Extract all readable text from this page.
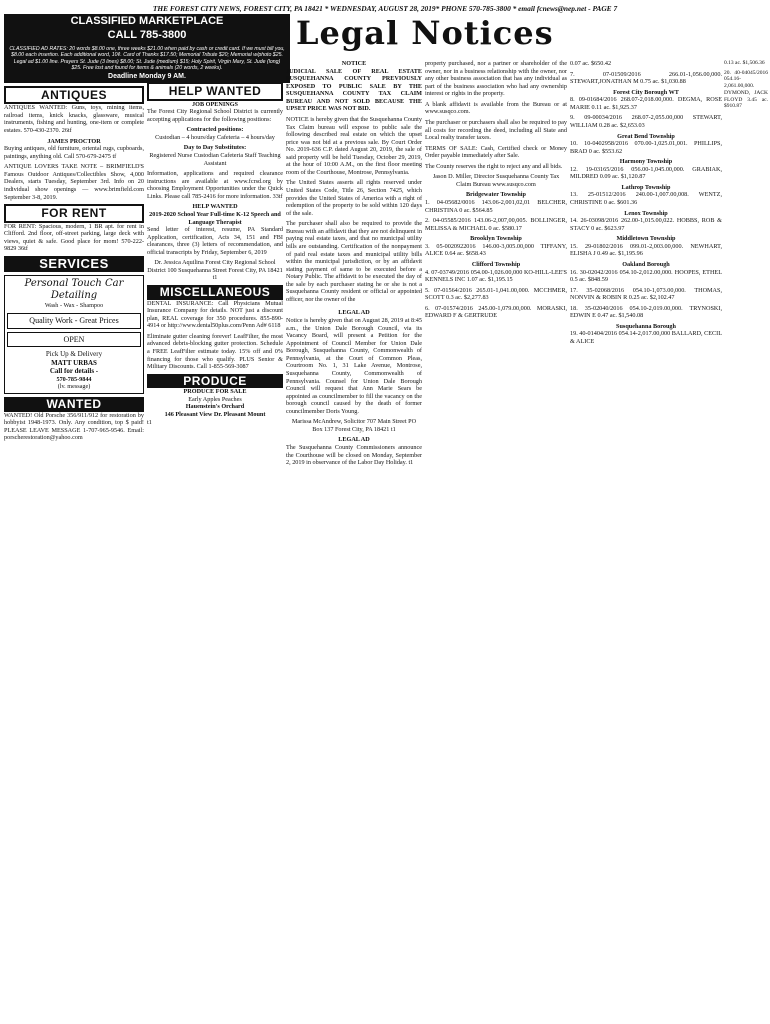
THE FOREST CITY NEWS, FOREST CITY, PA 18421 * WEDNESDAY, AUGUST 28, 2019* PHONE 570-785-3800 * email fcnews@nep.net - PAGE 7
CLASSIFIED MARKETPLACE
CALL 785-3800
CLASSIFIED AD RATES: 20 words $8.00 one, three weeks $21.00 when paid by cash or credit card. If we must bill you, $8.00 each insertion. Each additional word, 10¢. Card of Thanks $17.50; Memorial Tribute $20; Memorial w/photo $25. Legal ad $1.00 line. Prayers St. Jude (3 lines) $8.00; St. Jude (medium) $15; Holy Spirit, Virgin Mary, St. Jude (long) $25. Free lost and found for items & animals (20 words, 2 weeks).
Deadline Monday 9 AM.
ANTIQUES
ANTIQUES WANTED: Guns, toys, mining items, railroad items, knick knacks, glassware, musical instruments, fishing and hunting, one-item or complete estates. 570-430-2370. 26tf
JAMES PROCTOR
Buying antiques, old furniture, oriental rugs, cupboards, paintings, anything old. Call 570-679-2475 tf
ANTIQUE LOVERS TAKE NOTE – BRIMFIELD'S Famous Outdoor Antiques/Collectibles Show, 4,000 Dealers, starts Tuesday, September 3rd. Info on 20 individual show openings — www.brimfield.com September 3-8, 2019.
FOR RENT
FOR RENT: Spacious, modern, 1 BR apt. for rent in Clifford. 2nd floor, off-street parking, large deck with views, quiet & safe. Good place for mom! 570-222-9829 36tf
SERVICES
Personal Touch Car Detailing
Wash - Wax - Shampoo
Quality Work - Great Prices
OPEN
Pick Up & Delivery
MATT URBAS
Call for details -
570-785-9844
(lv. message)
WANTED
WANTED! Old Porsche 356/911/912 for restoration by hobbyist 1948-1973. Only. Any condition, top $ paid! PLEASE LEAVE MESSAGE 1-707-965-9546. Email: porscherestoration@yahoo.com
HELP WANTED
JOB OPENINGS
The Forest City Regional School District is currently accepting applications for the following positions:
Contracted positions:
Custodian – 4 hours/day Cafeteria – 4 hours/day
Day to Day Substitutes:
Registered Nurse Custodian Cafeteria Staff Teaching Assistant
Information, applications and required clearance instructions are available at www.fcrsd.org by choosing Employment Opportunities under the Quick Links. Please call 785-2416 for more information. 33tf
HELP WANTED
2019-2020 School Year Full-time K-12 Speech and Language Therapist
Send letter of interest, resume, PA Standard Application, certification, Acts 34, 151 and FBI clearances, three (3) letters of recommendation, and official transcripts by Friday, September 6, 2019
Dr. Jessica Aquilina Forest City Regional School District 100 Susquehanna Street Forest City, PA 18421 t1
MISCELLANEOUS
DENTAL INSURANCE: Call Physicians Mutual Insurance Company for details. NOT just a discount plan, REAL coverage for 350 procedures. 855-890-4914 or http://www.dental50plus.com/Penn Ad# 6118
Eliminate gutter cleaning forever! LeafFilter, the most advanced debris-blocking gutter protection. Schedule a FREE LeafFilter estimate today. 15% off and 0% financing for those who qualify. PLUS Senior & Military Discounts. Call 1-855-569-3087
PRODUCE
PRODUCE FOR SALE
Early Apples Peaches
Hauenstein's Orchard
146 Pleasant View Dr. Pleasant Mount
t1
NOTICE
JUDICIAL SALE OF REAL ESTATE SUSQUEHANNA COUNTY PREVIOUSLY EXPOSED TO PUBLIC SALE BY THE SUSQUEHANNA COUNTY TAX CLAIM BUREAU AND NOT SOLD BECAUSE THE UPSET PRICE WAS NOT BID.
NOTICE is hereby given that the Susquehanna County Tax Claim bureau will expose to public sale the following described real estate on which the upset price was not bid at a previous sale. By Court Order No. 2019-636 C.P. dated August 20, 2019, the sale of said property will be held Tuesday, October 29, 2019, at the hour of 10:00 A.M., on the first floor meeting room of the Courthouse, Montrose, Pennsylvania.
The United States asserts all rights reserved under United States Code, Title 26, Section 7425, which provides the United States of America with a right of redemption of the property to be sold within 120 days of the sale.
The purchaser shall also be required to provide the Bureau with an affidavit that they are not delinquent in paying real estate taxes, and that no municipal utility bills are outstanding. Certification of the nonpayment of paid real estate taxes and municipal utility bills within the municipal jurisdiction, or by an affidavit stating payment of same to be executed before a Notary Public. The affidavit to be executed the day of the sale by each purchaser stating he or she is not a Susquehanna County resident or official or appointed officer, nor the owner of the
LEGAL AD
Notice is hereby given that on August 28, 2019 at 8:45 a.m., the Union Dale Borough Council, via its Vacancy Board, will present a Petition for the Appointment of Council Member for Union Dale Borough, Susquehanna County, Commonwealth of Pennsylvania, at the Court of Common Pleas, Courtroom No. 1, 31 Lake Avenue, Montrose, Susquehanna County, Commonwealth of Pennsylvania. Counsel for Union Dale Borough Council will request that Ann Marie Sears be appointed as councilmember to fill the vacancy on the borough council caused by the death of former councilmember Doris Young.
Marissa McAndrew, Solicitor 707 Main Street PO Box 137 Forest City, PA 18421 t1
LEGAL AD
The Susquehanna County Commissioners announce the Courthouse will be closed on Monday, September 2, 2019 in observance of the Labor Day Holiday. t1
Legal Notices
property purchased, nor a partner or shareholder of the owner, nor in a business relationship with the owner, nor any other business association that has any individual as part of the business association who had any ownership interest or rights in the property.
A blank affidavit is available from the Bureau or at www.susqco.com.
The purchaser or purchasers shall also be required to pay all costs for recording the deed, including all State and Local realty transfer taxes.
TERMS OF SALE: Cash, Certified check or Money Order payable immediately after Sale.
The County reserves the right to reject any and all bids.
Jason D. Miller, Director Susquehanna County Tax Claim Bureau www.susqco.com
Bridgewater Township
1. 04-05682/0016 143.06-2,001,02,01 BELCHER, CHRISTINA 0 ac. $564.85
2. 04-05585/2016 143.06-2,007,00,005. BOLLINGER, MELISSA & MICHAEL 0 ac. $580.17
Brooklyn Township
3. 05-0020922016 146.00-3,005.00,000 TIFFANY, ALICE 0.64 ac. $658.43
Clifford Township
4. 07-03749/2016 054.00-1,026.00,000 KO-HILL-LEE'S KENNELS INC 1.07 ac. $1,195.15
5. 07-01564/2016 265.01-1,041.00,000. MCCHMER, SCOTT 0.3 ac. $2,277.83
6. 07-01574/2016 245.00-1,079.00,000. MORASKI, EDWARD F & GERTRUDE
0.07 ac. $650.42
7. 07-01509/2016 266.01-1,056.00,000. STEWART,JONATHAN M 0.75 ac. $1,030.88
Forest City Borough WT
8. 09-01684/2016 268.07-2,018.00,000. DEGMA, ROSE MARIE 0.11 ac. $1,925.37
9. 09-00034/2016 268.07-2,055.00,000 STEWART, WILLIAM 0.28 ac. $2,653.03
Great Bend Township
10. 10-0402958/2016 070.00-1,025.01,001. PHILLIPS, BRAD 0 ac. $553.62
Harmony Township
12. 19-03165/2016 056.00-1,045.00,000. GRABIAK, MILDRED 0.09 ac. $1,120.87
Lathrop Township
13. 25-01512/2016 240.00-1,007.00,008. WENTZ, CHRISTINE 0 ac. $601.36
Lenox Township
14. 26-03098/2016 262.00-1,015.00,022. HOBBS, ROB & STACY 0 ac. $623.97
Middletown Township
15. 29-01802/2016 099.01-2,003.00,000. NEWHART, ELISHA J 0.49 ac. $1,195.96
Oakland Borough
16. 30-02042/2016 054.10-2,012.00,000. HOOPES, ETHEL 0.5 ac. $848.59
17. 35-02068/2016 054.10-1,073.00,000. THOMAS, NONVIN & ROBIN R 0.25 ac. $2,102.47
18. 35-02040/2016 054.10-2,019.00,000. TRYNOSKI, EDWIN E 0.47 ac. $1,540.08
Susquehanna Borough
19. 40-01404/2016 054.14-2,017.00,000 BALLARD, CECIL & ALICE
0.13 ac. $1,506.36
20. 40-04045/2016 054.16-2,061.00,000. DYMOND, JACK FLOYD 3.45 ac. $910.87
